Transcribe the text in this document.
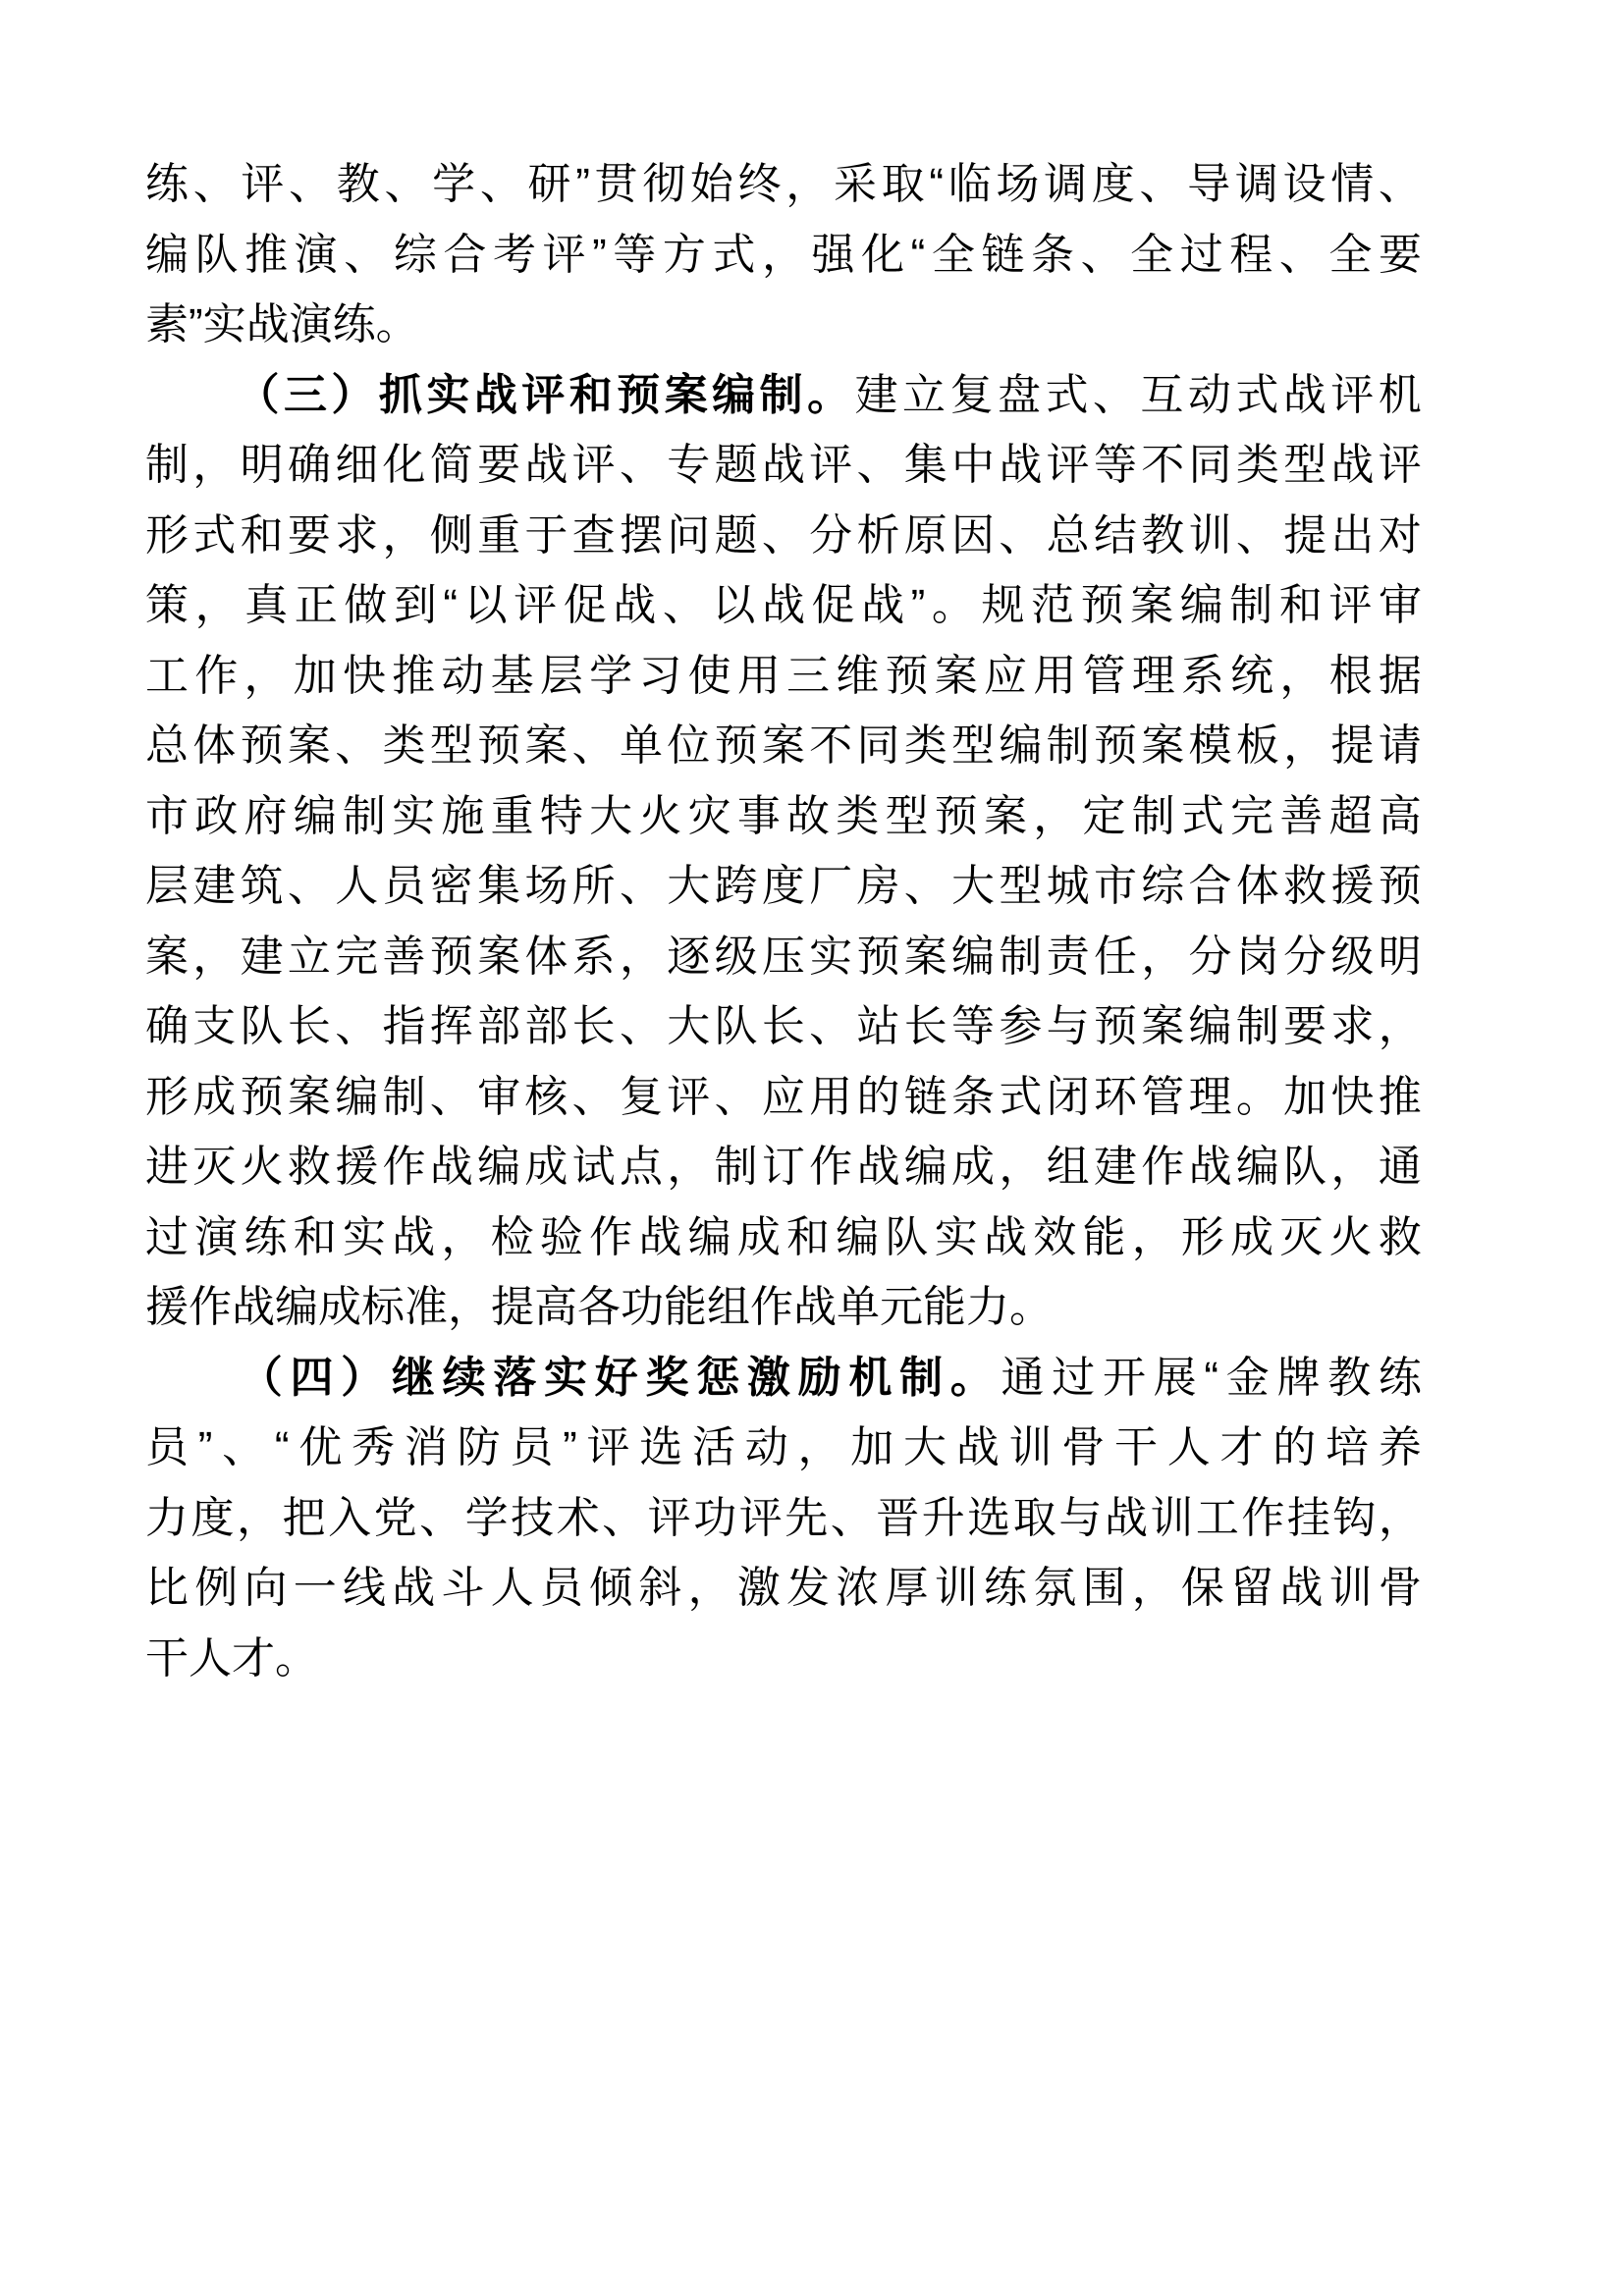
练 、 评 、 教 、 学 、 研 ” 贯 彻 始 终 ， 采 取 “ 临 场 调 度 、 导 调 设 情 、
编 队 推 演 、 综 合 考 评 ” 等 方 式 ， 强 化 “ 全 链 条 、 全 过 程 、 全 要
素 ” 实 战 演 练 。
（ 三 ） 抓 实 战 评 和 预 案 编 制 。 建 立 复 盘 式 、 互 动 式 战 评 机
制 ， 明 确 细 化 简 要 战 评 、 专 题 战 评 、 集 中 战 评 等 不 同 类 型 战 评
形 式 和 要 求 ， 侧 重 于 查 摆 问 题 、 分 析 原 因 、 总 结 教 训 、 提 出 对
策 ， 真 正 做 到 “ 以 评 促 战 、 以 战 促 战 ” 。 规 范 预 案 编 制 和 评 审
工 作 ， 加 快 推 动 基 层 学 习 使 用 三 维 预 案 应 用 管 理 系 统 ， 根 据
总 体 预 案 、 类 型 预 案 、 单 位 预 案 不 同 类 型 编 制 预 案 模 板 ， 提 请
市 政 府 编 制 实 施 重 特 大 火 灾 事 故 类 型 预 案 ， 定 制 式 完 善 超 高
层 建 筑 、 人 员 密 集 场 所 、 大 跨 度 厂 房 、 大 型 城 市 综 合 体 救 援 预
案 ， 建 立 完 善 预 案 体 系 ， 逐 级 压 实 预 案 编 制 责 任 ， 分 岗 分 级 明
确 支 队 长 、 指 挥 部 部 长 、 大 队 长 、 站 长 等 参 与 预 案 编 制 要 求 ，
形 成 预 案 编 制 、 审 核 、 复 评 、 应 用 的 链 条 式 闭 环 管 理 。 加 快 推
进 灭 火 救 援 作 战 编 成 试 点 ， 制 订 作 战 编 成 ， 组 建 作 战 编 队 ， 通
过 演 练 和 实 战 ， 检 验 作 战 编 成 和 编 队 实 战 效 能 ， 形 成 灭 火 救
援 作 战 编 成 标 准 ， 提 高 各 功 能 组 作 战 单 元 能 力 。
（ 四 ） 继 续 落 实 好 奖 惩 激 励 机 制 。 通 过 开 展 “ 金 牌 教 练
员 ” 、 “ 优 秀 消 防 员 ” 评 选 活 动 ， 加 大 战 训 骨 干 人 才 的 培 养
力 度 ， 把 入 党 、 学 技 术 、 评 功 评 先 、 晋 升 选 取 与 战 训 工 作 挂 钩 ，
比 例 向 一 线 战 斗 人 员 倾 斜 ， 激 发 浓 厚 训 练 氛 围 ， 保 留 战 训 骨
干 人 才 。
